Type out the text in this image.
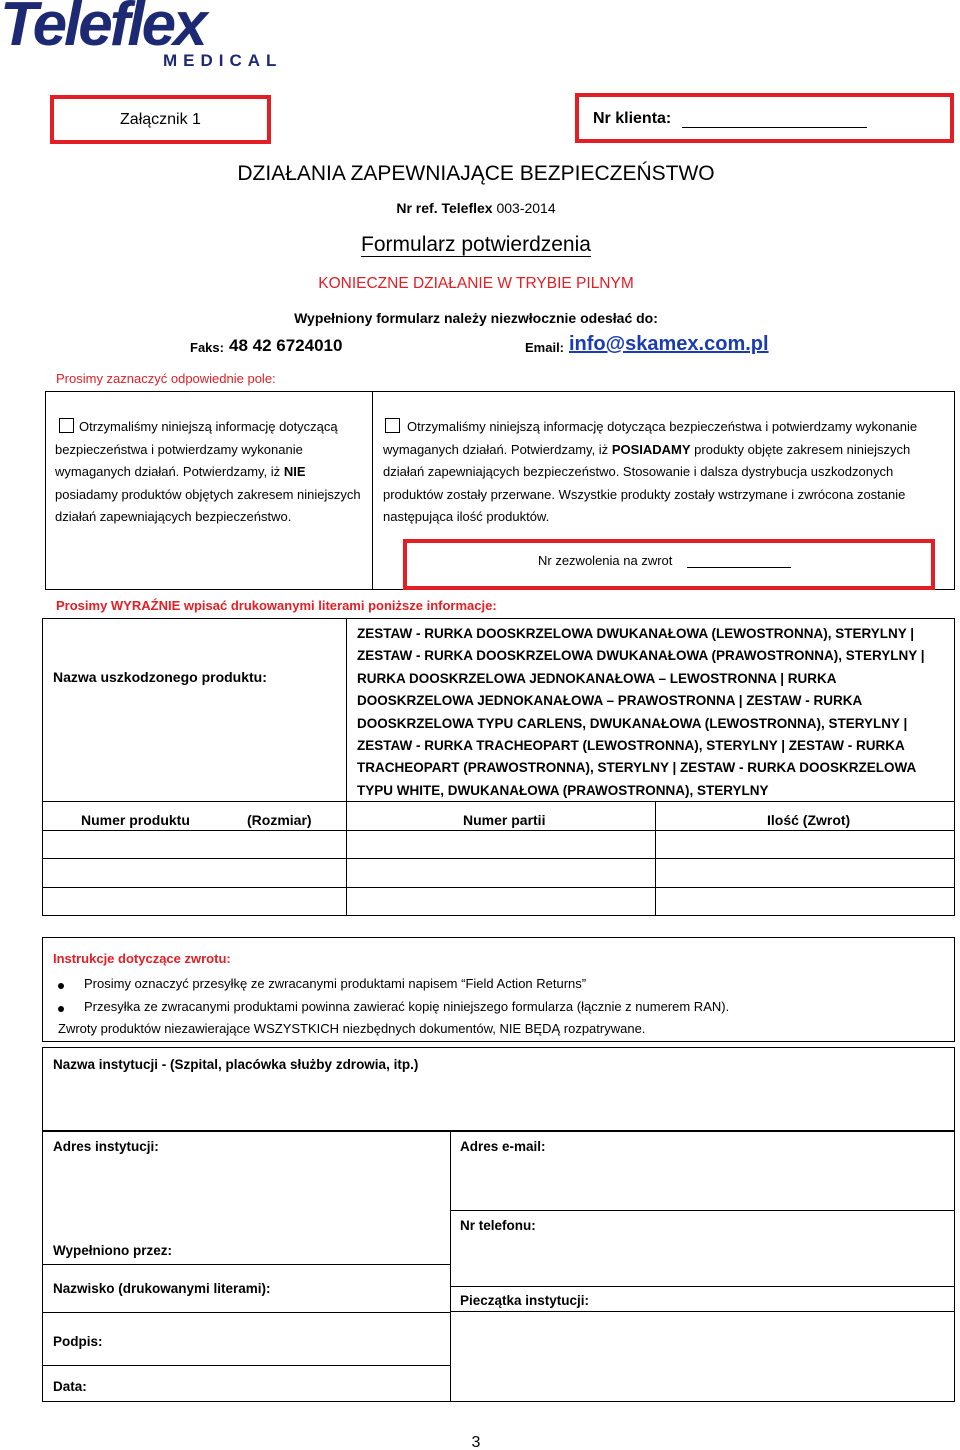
Teleflex
MEDICAL
Załącznik 1	Nr klienta:
DZIAŁANIA ZAPEWNIAJĄCE BEZPIECZEŃSTWO
Nr ref. Teleflex 003-2014
Formularz potwierdzenia
KONIECZNE DZIAŁANIE W TRYBIE PILNYM
Wypełniony formularz należy niezwłocznie odesłać do:
Faks: 48 42 6724010	Email: info@skamex.com.pl
Prosimy zaznaczyć odpowiednie pole:
Otrzymaliśmy niniejszą informację dotyczącą bezpieczeństwa i potwierdzamy wykonanie wymaganych działań. Potwierdzamy, iż NIE posiadamy produktów objętych zakresem niniejszych działań zapewniających bezpieczeństwo.
Otrzymaliśmy niniejszą informację dotycząca bezpieczeństwa i potwierdzamy wykonanie wymaganych działań. Potwierdzamy, iż POSIADAMY produkty objęte zakresem niniejszych działań zapewniających bezpieczeństwo. Stosowanie i dalsza dystrybucja uszkodzonych produktów zostały przerwane. Wszystkie produkty zostały wstrzymane i zwrócona zostanie następująca ilość produktów.
Nr zezwolenia na zwrot
Prosimy WYRAŹNIE wpisać drukowanymi literami poniższe informacje:
Nazwa uszkodzonego produktu:
ZESTAW - RURKA DOOSKRZELOWA DWUKANAŁOWA (LEWOSTRONNA), STERYLNY | ZESTAW - RURKA DOOSKRZELOWA DWUKANAŁOWA (PRAWOSTRONNA), STERYLNY | RURKA DOOSKRZELOWA JEDNOKANAŁOWA – LEWOSTRONNA | RURKA DOOSKRZELOWA JEDNOKANAŁOWA – PRAWOSTRONNA | ZESTAW - RURKA DOOSKRZELOWA TYPU CARLENS, DWUKANAŁOWA (LEWOSTRONNA), STERYLNY | ZESTAW - RURKA TRACHEOPART (LEWOSTRONNA), STERYLNY | ZESTAW - RURKA TRACHEOPART (PRAWOSTRONNA), STERYLNY | ZESTAW - RURKA DOOSKRZELOWA TYPU WHITE, DWUKANAŁOWA (PRAWOSTRONNA), STERYLNY
Numer produktu	(Rozmiar)	Numer partii	Ilość (Zwrot)
Instrukcje dotyczące zwrotu:
Prosimy oznaczyć przesyłkę ze zwracanymi produktami napisem “Field Action Returns”
Przesyłka ze zwracanymi produktami powinna zawierać kopię niniejszego formularza (łącznie z numerem RAN).
Zwroty produktów niezawierające WSZYSTKICH niezbędnych dokumentów, NIE BĘDĄ rozpatrywane.
Nazwa instytucji - (Szpital, placówka służby zdrowia, itp.)
Adres instytucji:	Adres e-mail:
Nr telefonu:
Wypełniono przez:
Nazwisko (drukowanymi literami):
Pieczątka instytucji:
Podpis:
Data:
3
